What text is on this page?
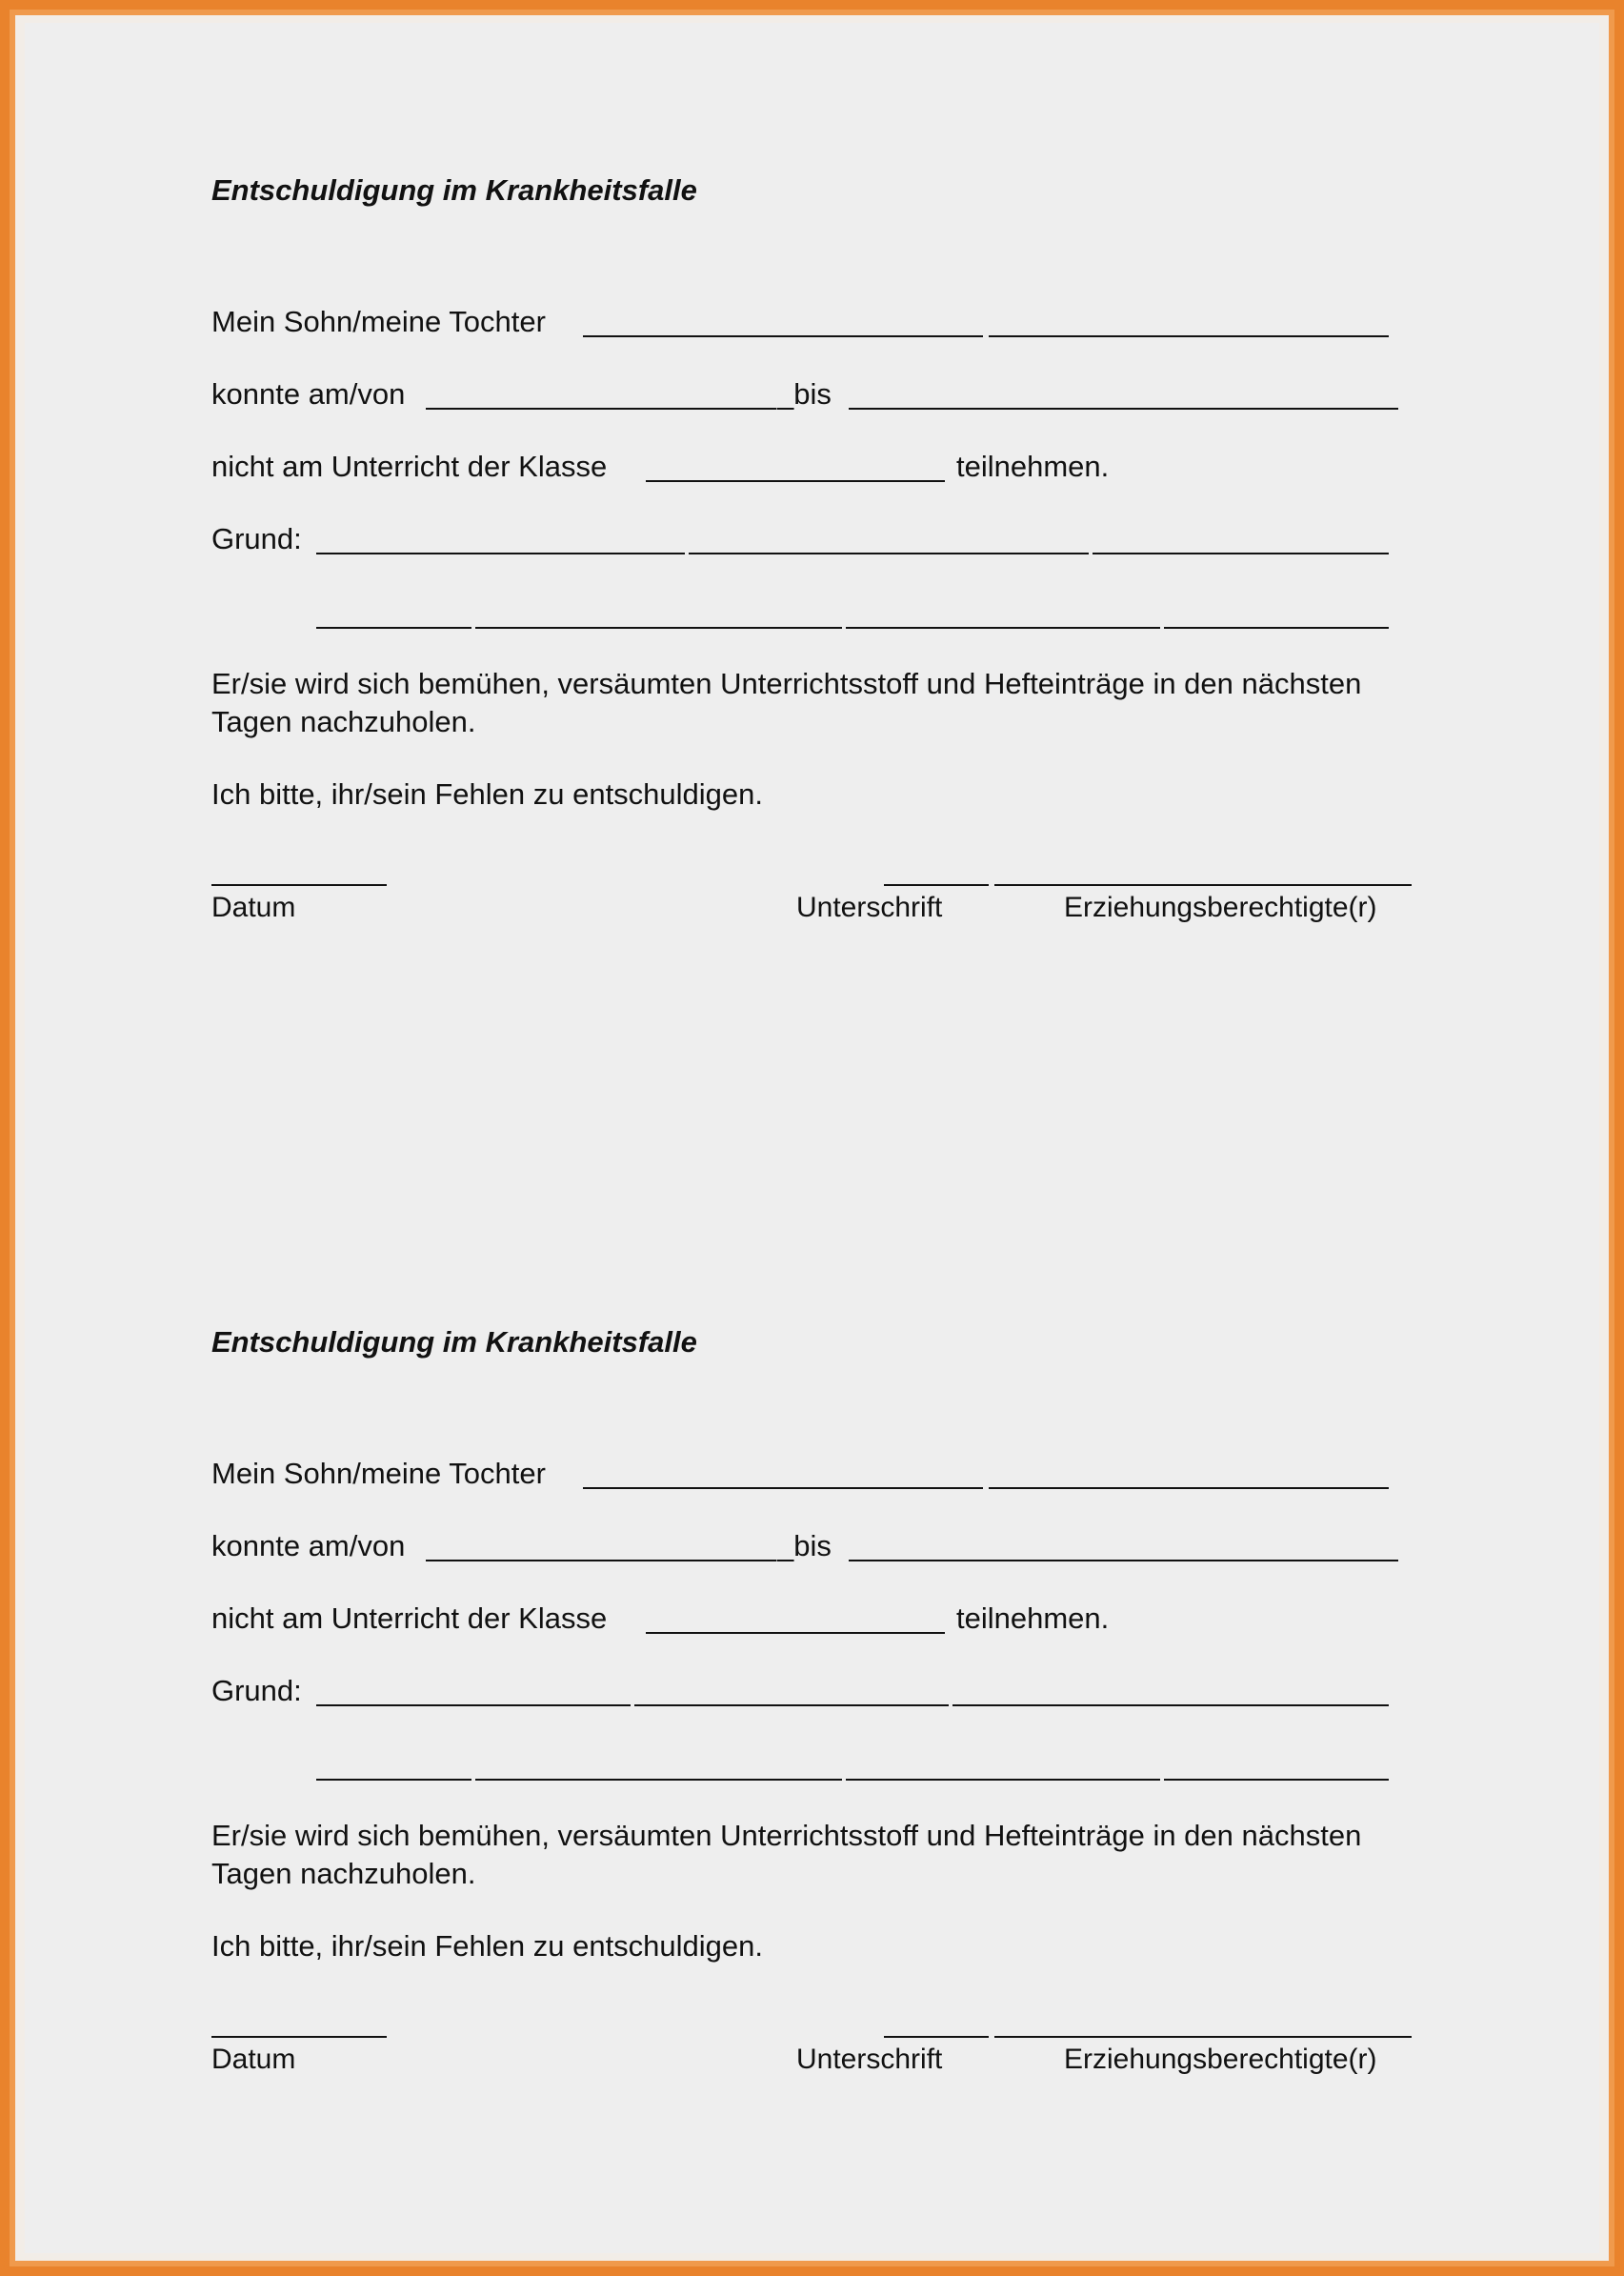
Entschuldigung im Krankheitsfalle
Mein Sohn/meine Tochter
konnte am/von	_bis
nicht am Unterricht der Klasse	teilnehmen.
Grund:
Er/sie wird sich bemühen, versäumten Unterrichtsstoff und Hefteinträge in den nächsten Tagen nachzuholen.
Ich bitte, ihr/sein Fehlen zu entschuldigen.
Datum	Unterschrift	Erziehungsberechtigte(r)
Entschuldigung im Krankheitsfalle
Mein Sohn/meine Tochter
konnte am/von	_bis
nicht am Unterricht der Klasse	teilnehmen.
Grund:
Er/sie wird sich bemühen, versäumten Unterrichtsstoff und Hefteinträge in den nächsten Tagen nachzuholen.
Ich bitte, ihr/sein Fehlen zu entschuldigen.
Datum	Unterschrift	Erziehungsberechtigte(r)
